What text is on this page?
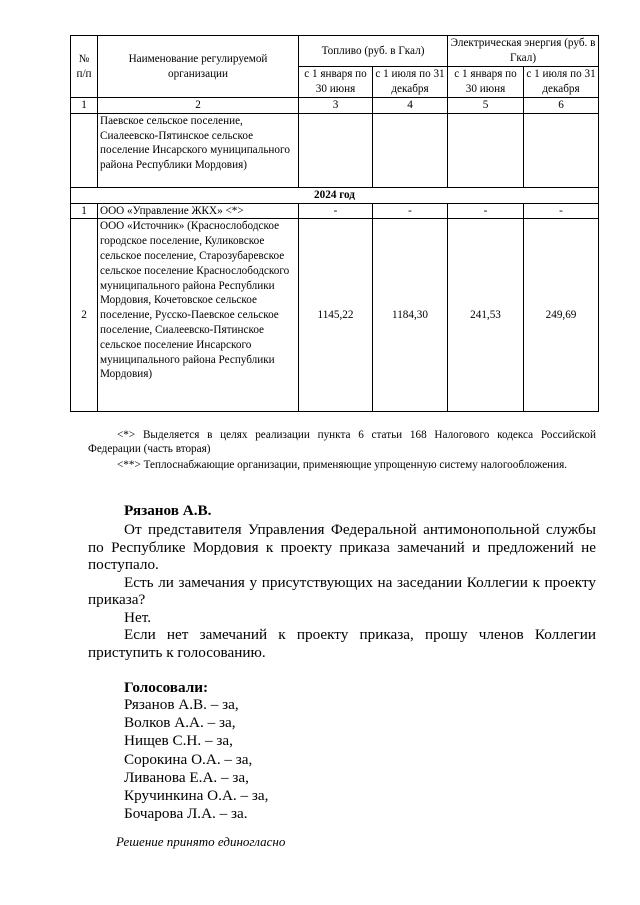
№ п/п	Наименование регулируемой организации	Топливо (руб. в Гкал)		Электрическая энергия (руб. в Гкал)	
		с 1 января по 30 июня	с 1 июля по 31 декабря	с 1 января по 30 июня	с 1 июля по 31 декабря
1	2	3	4	5	6
	Паевское сельское поселение, Сиалеевско-Пятинское сельское поселение Инсарского муниципального района Республики Мордовия)				
2024 год					
1	ООО «Управление ЖКХ» <*>	-	-	-	-
2	ООО «Источник» (Краснослободское городское поселение, Куликовское сельское поселение, Старозубаревское сельское поселение Краснослободского муниципального района Республики Мордовия, Кочетовское сельское поселение, Русско-Паевское сельское поселение, Сиалеевско-Пятинское сельское поселение Инсарского муниципального района Республики Мордовия)	1145,22	1184,30	241,53	249,69
<*> Выделяется в целях реализации пункта 6 статьи 168 Налогового кодекса Российской Федерации (часть вторая)
<**> Теплоснабжающие организации, применяющие упрощенную систему налогообложения.
Рязанов А.В.

От представителя Управления Федеральной антимонопольной службы по Республике Мордовия к проекту приказа замечаний и предложений не поступало.

Есть ли замечания у присутствующих на заседании Коллегии к проекту приказа?

Нет.

Если нет замечаний к проекту приказа, прошу членов Коллегии приступить к голосованию.

Голосовали:
Рязанов А.В. – за,
Волков А.А. – за,
Нищев С.Н. – за,
Сорокина О.А. – за,
Ливанова Е.А. – за,
Кручинкина О.А. – за,
Бочарова Л.А. – за.
Решение принято единогласно
